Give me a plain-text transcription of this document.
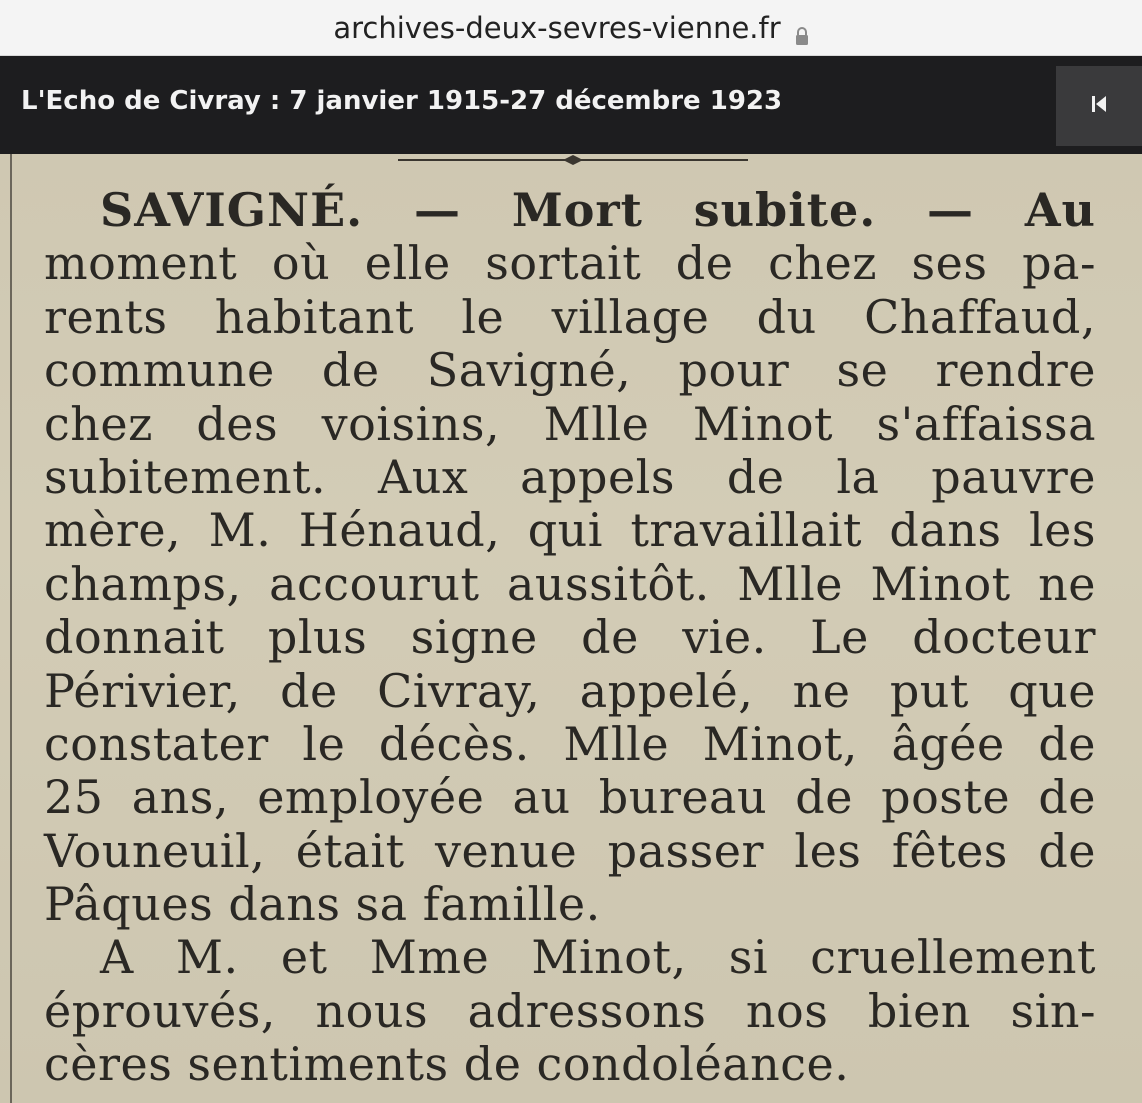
archives-deux-sevres-vienne.fr
L'Echo de Civray : 7 janvier 1915-27 décembre 1923
SAVIGNÉ. — Mort subite. — Au
moment où elle sortait de chez ses pa-
rents habitant le village du Chaffaud,
commune de Savigné, pour se rendre
chez des voisins, Mlle Minot s'affaissa
subitement. Aux appels de la pauvre
mère, M. Hénaud, qui travaillait dans les
champs, accourut aussitôt. Mlle Minot ne
donnait plus signe de vie. Le docteur
Périvier, de Civray, appelé, ne put que
constater le décès. Mlle Minot, âgée de
25 ans, employée au bureau de poste de
Vouneuil, était venue passer les fêtes de
Pâques dans sa famille.
A M. et Mme Minot, si cruellement
éprouvés, nous adressons nos bien sin-
cères sentiments de condoléance.
